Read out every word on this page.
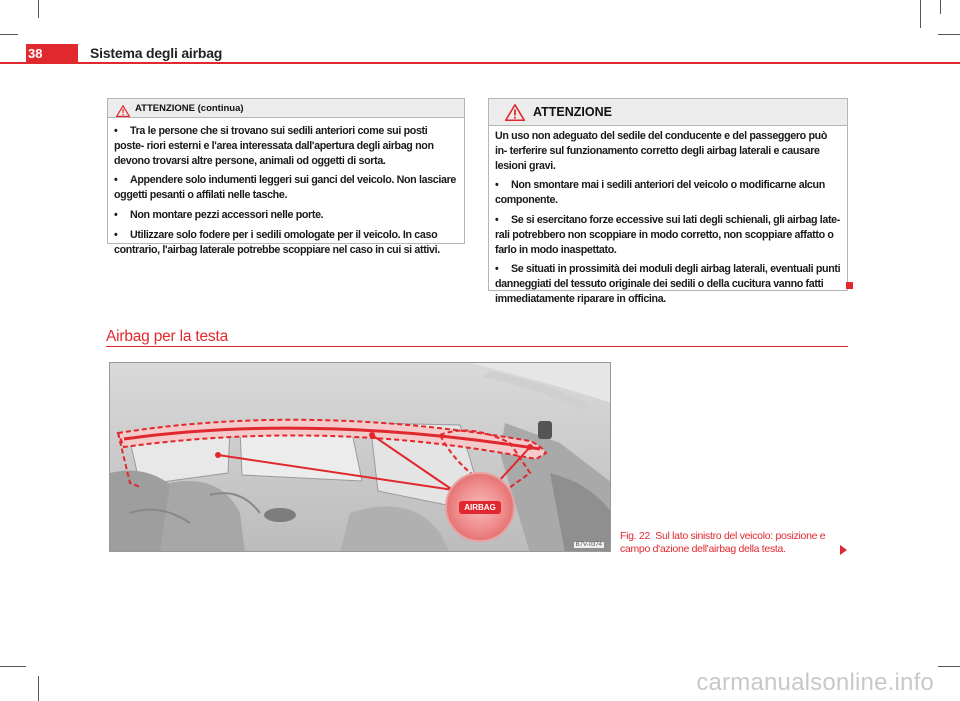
38	Sistema degli airbag
ATTENZIONE (continua)

• Tra le persone che si trovano sui sedili anteriori come sui posti poste- riori esterni e l'area interessata dall'apertura degli airbag non devono trovarsi altre persone, animali od oggetti di sorta.

• Appendere solo indumenti leggeri sui ganci del veicolo. Non lasciare oggetti pesanti o affilati nelle tasche.

• Non montare pezzi accessori nelle porte.

• Utilizzare solo fodere per i sedili omologate per il veicolo. In caso contrario, l'airbag laterale potrebbe scoppiare nel caso in cui si attivi.

ATTENZIONE

Un uso non adeguato del sedile del conducente e del passeggero può in- terferire sul funzionamento corretto degli airbag laterali e causare lesioni gravi.

• Non smontare mai i sedili anteriori del veicolo o modificarne alcun componente.

• Se si esercitano forze eccessive sui lati degli schienali, gli airbag late- rali potrebbero non scoppiare in modo corretto, non scoppiare affatto o farlo in modo inaspettato.

• Se situati in prossimità dei moduli degli airbag laterali, eventuali punti danneggiati del tessuto originale dei sedili o della cucitura vanno fatti immediatamente riparare in officina.

Airbag per la testa
AIRBAG
B7V-0374
Fig. 22 Sul lato sinistro del veicolo: posizione e campo d'azione dell'airbag della testa.
carmanualsonline.info
